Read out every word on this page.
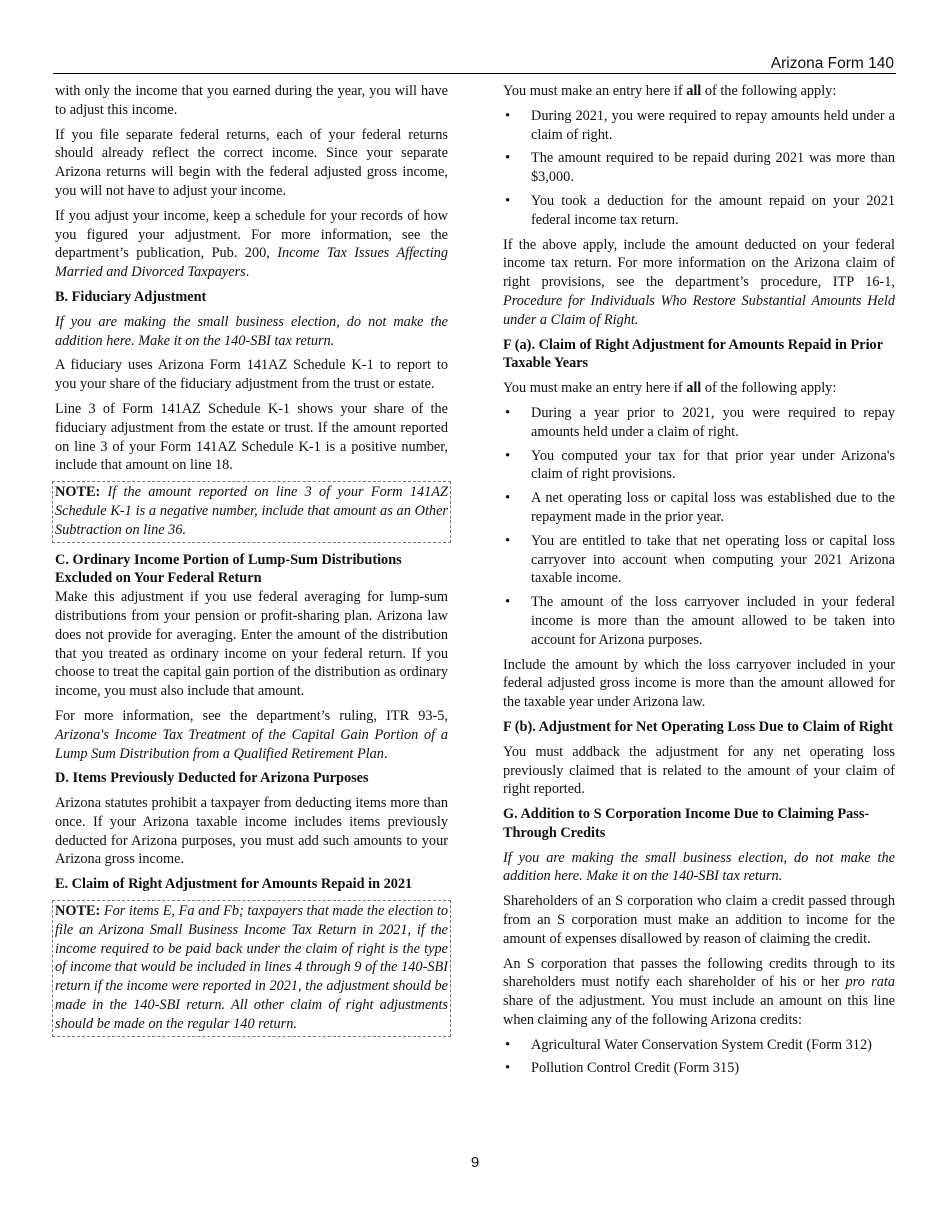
Arizona Form 140

with only the income that you earned during the year, you will have to adjust this income.

If you file separate federal returns, each of your federal returns should already reflect the correct income. Since your separate Arizona returns will begin with the federal adjusted gross income, you will not have to adjust your income.

If you adjust your income, keep a schedule for your records of how you figured your adjustment. For more information, see the department’s publication, Pub. 200, Income Tax Issues Affecting Married and Divorced Taxpayers.

B. Fiduciary Adjustment

If you are making the small business election, do not make the addition here. Make it on the 140-SBI tax return.

A fiduciary uses Arizona Form 141AZ Schedule K-1 to report to you your share of the fiduciary adjustment from the trust or estate.

Line 3 of Form 141AZ Schedule K-1 shows your share of the fiduciary adjustment from the estate or trust. If the amount reported on line 3 of your Form 141AZ Schedule K-1 is a positive number, include that amount on line 18.

NOTE: If the amount reported on line 3 of your Form 141AZ Schedule K-1 is a negative number, include that amount as an Other Subtraction on line 36.
C. Ordinary Income Portion of Lump-Sum Distributions Excluded on Your Federal Return

Make this adjustment if you use federal averaging for lump-sum distributions from your pension or profit-sharing plan. Arizona law does not provide for averaging. Enter the amount of the distribution that you treated as ordinary income on your federal return. If you choose to treat the capital gain portion of the distribution as ordinary income, you must also include that amount.

For more information, see the department’s ruling, ITR 93-5, Arizona's Income Tax Treatment of the Capital Gain Portion of a Lump Sum Distribution from a Qualified Retirement Plan.

D. Items Previously Deducted for Arizona Purposes

Arizona statutes prohibit a taxpayer from deducting items more than once. If your Arizona taxable income includes items previously deducted for Arizona purposes, you must add such amounts to your Arizona gross income.

E. Claim of Right Adjustment for Amounts Repaid in 2021
NOTE: For items E, Fa and Fb; taxpayers that made the election to file an Arizona Small Business Income Tax Return in 2021, if the income required to be paid back under the claim of right is the type of income that would be included in lines 4 through 9 of the 140-SBI return if the income were reported in 2021, the adjustment should be made in the 140-SBI return. All other claim of right adjustments should be made on the regular 140 return.

You must make an entry here if all of the following apply:

• During 2021, you were required to repay amounts held under a claim of right.
• The amount required to be repaid during 2021 was more than $3,000.
• You took a deduction for the amount repaid on your 2021 federal income tax return.

If the above apply, include the amount deducted on your federal income tax return. For more information on the Arizona claim of right provisions, see the department’s procedure, ITP 16-1, Procedure for Individuals Who Restore Substantial Amounts Held under a Claim of Right.

F (a). Claim of Right Adjustment for Amounts Repaid in Prior Taxable Years

You must make an entry here if all of the following apply:

• During a year prior to 2021, you were required to repay amounts held under a claim of right.
• You computed your tax for that prior year under Arizona's claim of right provisions.
• A net operating loss or capital loss was established due to the repayment made in the prior year.
• You are entitled to take that net operating loss or capital loss carryover into account when computing your 2021 Arizona taxable income.
• The amount of the loss carryover included in your federal income is more than the amount allowed to be taken into account for Arizona purposes.

Include the amount by which the loss carryover included in your federal adjusted gross income is more than the amount allowed for the taxable year under Arizona law.

F (b). Adjustment for Net Operating Loss Due to Claim of Right

You must addback the adjustment for any net operating loss previously claimed that is related to the amount of your claim of right reported.

G. Addition to S Corporation Income Due to Claiming Pass-Through Credits

If you are making the small business election, do not make the addition here. Make it on the 140-SBI tax return.

Shareholders of an S corporation who claim a credit passed through from an S corporation must make an addition to income for the amount of expenses disallowed by reason of claiming the credit.

An S corporation that passes the following credits through to its shareholders must notify each shareholder of his or her pro rata share of the adjustment. You must include an amount on this line when claiming any of the following Arizona credits:

• Agricultural Water Conservation System Credit (Form 312)
• Pollution Control Credit (Form 315)
9
